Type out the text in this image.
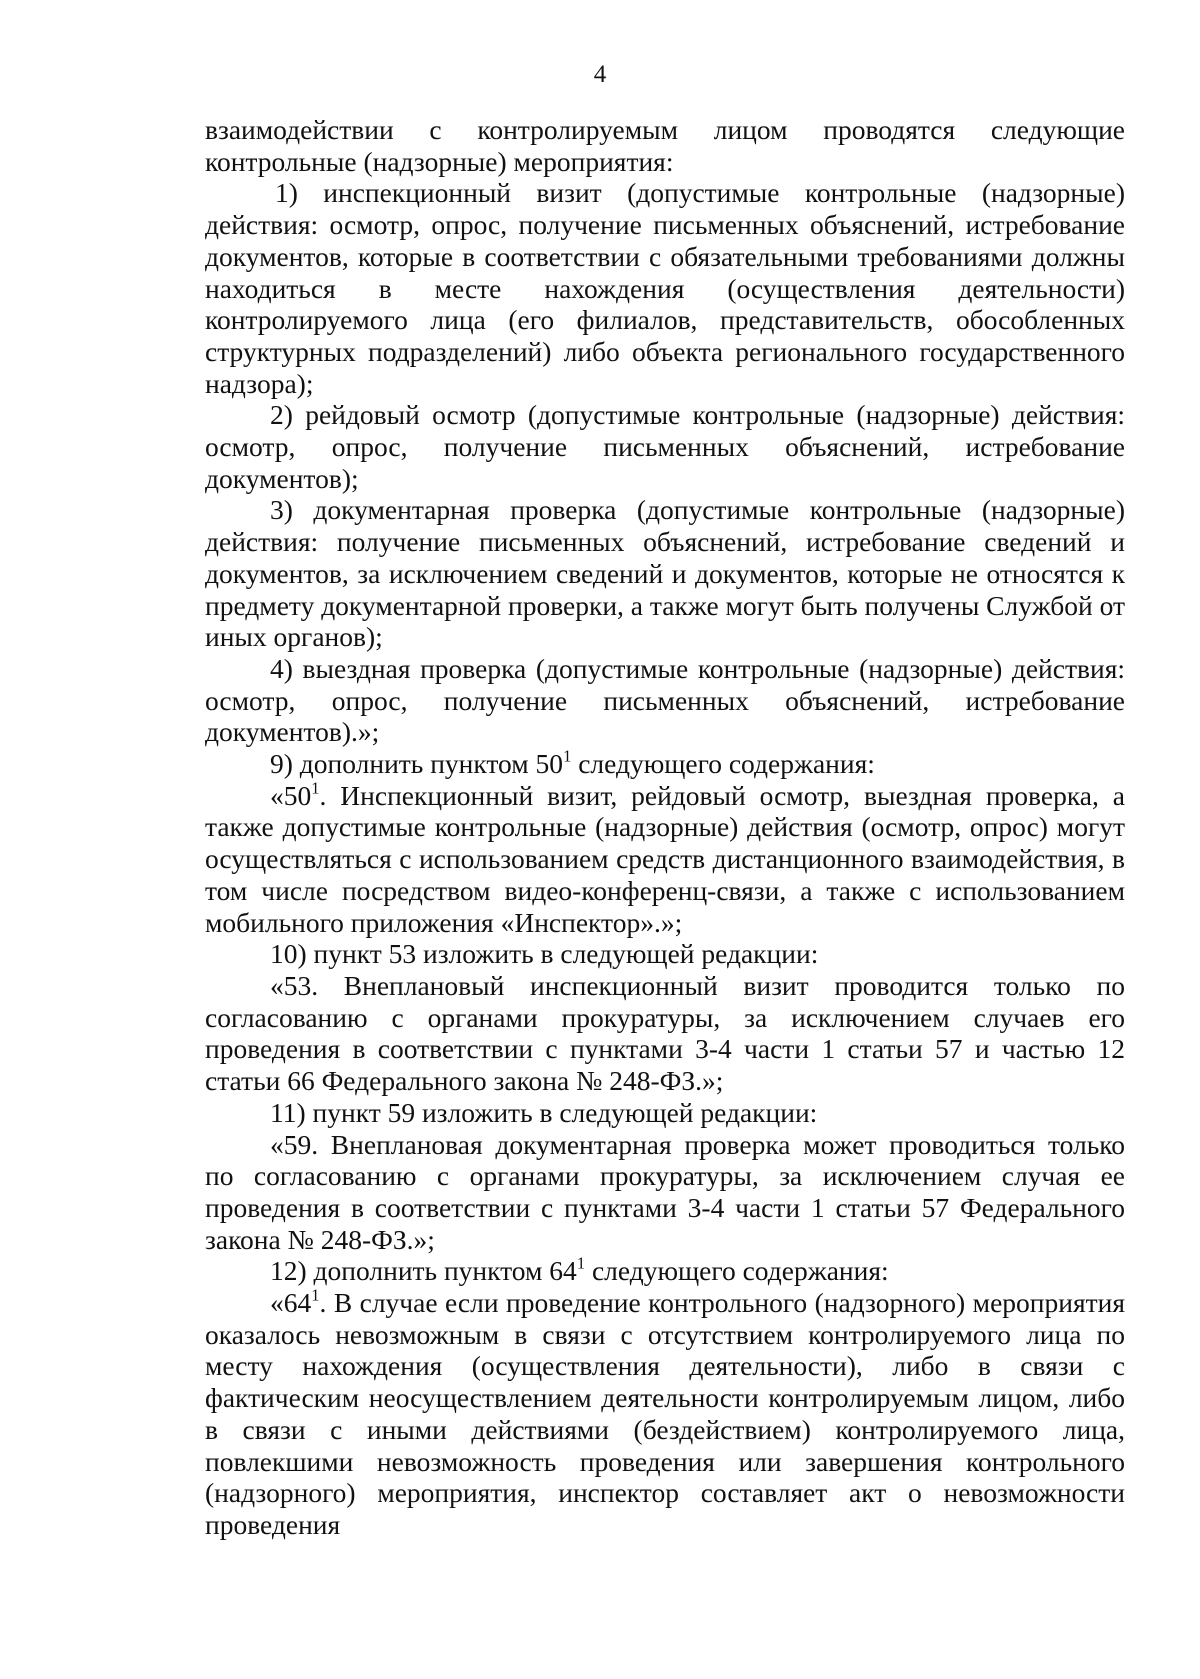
4

взаимодействии с контролируемым лицом проводятся следующие контрольные (надзорные) мероприятия:

1) инспекционный визит (допустимые контрольные (надзорные) действия: осмотр, опрос, получение письменных объяснений, истребование документов, которые в соответствии с обязательными требованиями должны находиться в месте нахождения (осуществления деятельности) контролируемого лица (его филиалов, представительств, обособленных структурных подразделений) либо объекта регионального государственного надзора);

2) рейдовый осмотр (допустимые контрольные (надзорные) действия: осмотр, опрос, получение письменных объяснений, истребование документов);

3) документарная проверка (допустимые контрольные (надзорные) действия: получение письменных объяснений, истребование сведений и документов, за исключением сведений и документов, которые не относятся к предмету документарной проверки, а также могут быть получены Службой от иных органов);

4) выездная проверка (допустимые контрольные (надзорные) действия: осмотр, опрос, получение письменных объяснений, истребование документов).»;

9) дополнить пунктом $50^1$ следующего содержания:

«$50^1$. Инспекционный визит, рейдовый осмотр, выездная проверка, а также допустимые контрольные (надзорные) действия (осмотр, опрос) могут осуществляться с использованием средств дистанционного взаимодействия, в том числе посредством видео-конференц-связи, а также с использованием мобильного приложения «Инспектор».»;

10) пункт 53 изложить в следующей редакции:

«53. Внеплановый инспекционный визит проводится только по согласованию с органами прокуратуры, за исключением случаев его проведения в соответствии с пунктами 3-4 части 1 статьи 57 и частью 12 статьи 66 Федерального закона № 248-ФЗ.»;

11) пункт 59 изложить в следующей редакции:

«59. Внеплановая документарная проверка может проводиться только по согласованию с органами прокуратуры, за исключением случая ее проведения в соответствии с пунктами 3-4 части 1 статьи 57 Федерального закона № 248-ФЗ.»;

12) дополнить пунктом $64^1$ следующего содержания:

«$64^1$. В случае если проведение контрольного (надзорного) мероприятия оказалось невозможным в связи с отсутствием контролируемого лица по месту нахождения (осуществления деятельности), либо в связи с фактическим неосуществлением деятельности контролируемым лицом, либо в связи с иными действиями (бездействием) контролируемого лица, повлекшими невозможность проведения или завершения контрольного (надзорного) мероприятия, инспектор составляет акт о невозможности проведения
